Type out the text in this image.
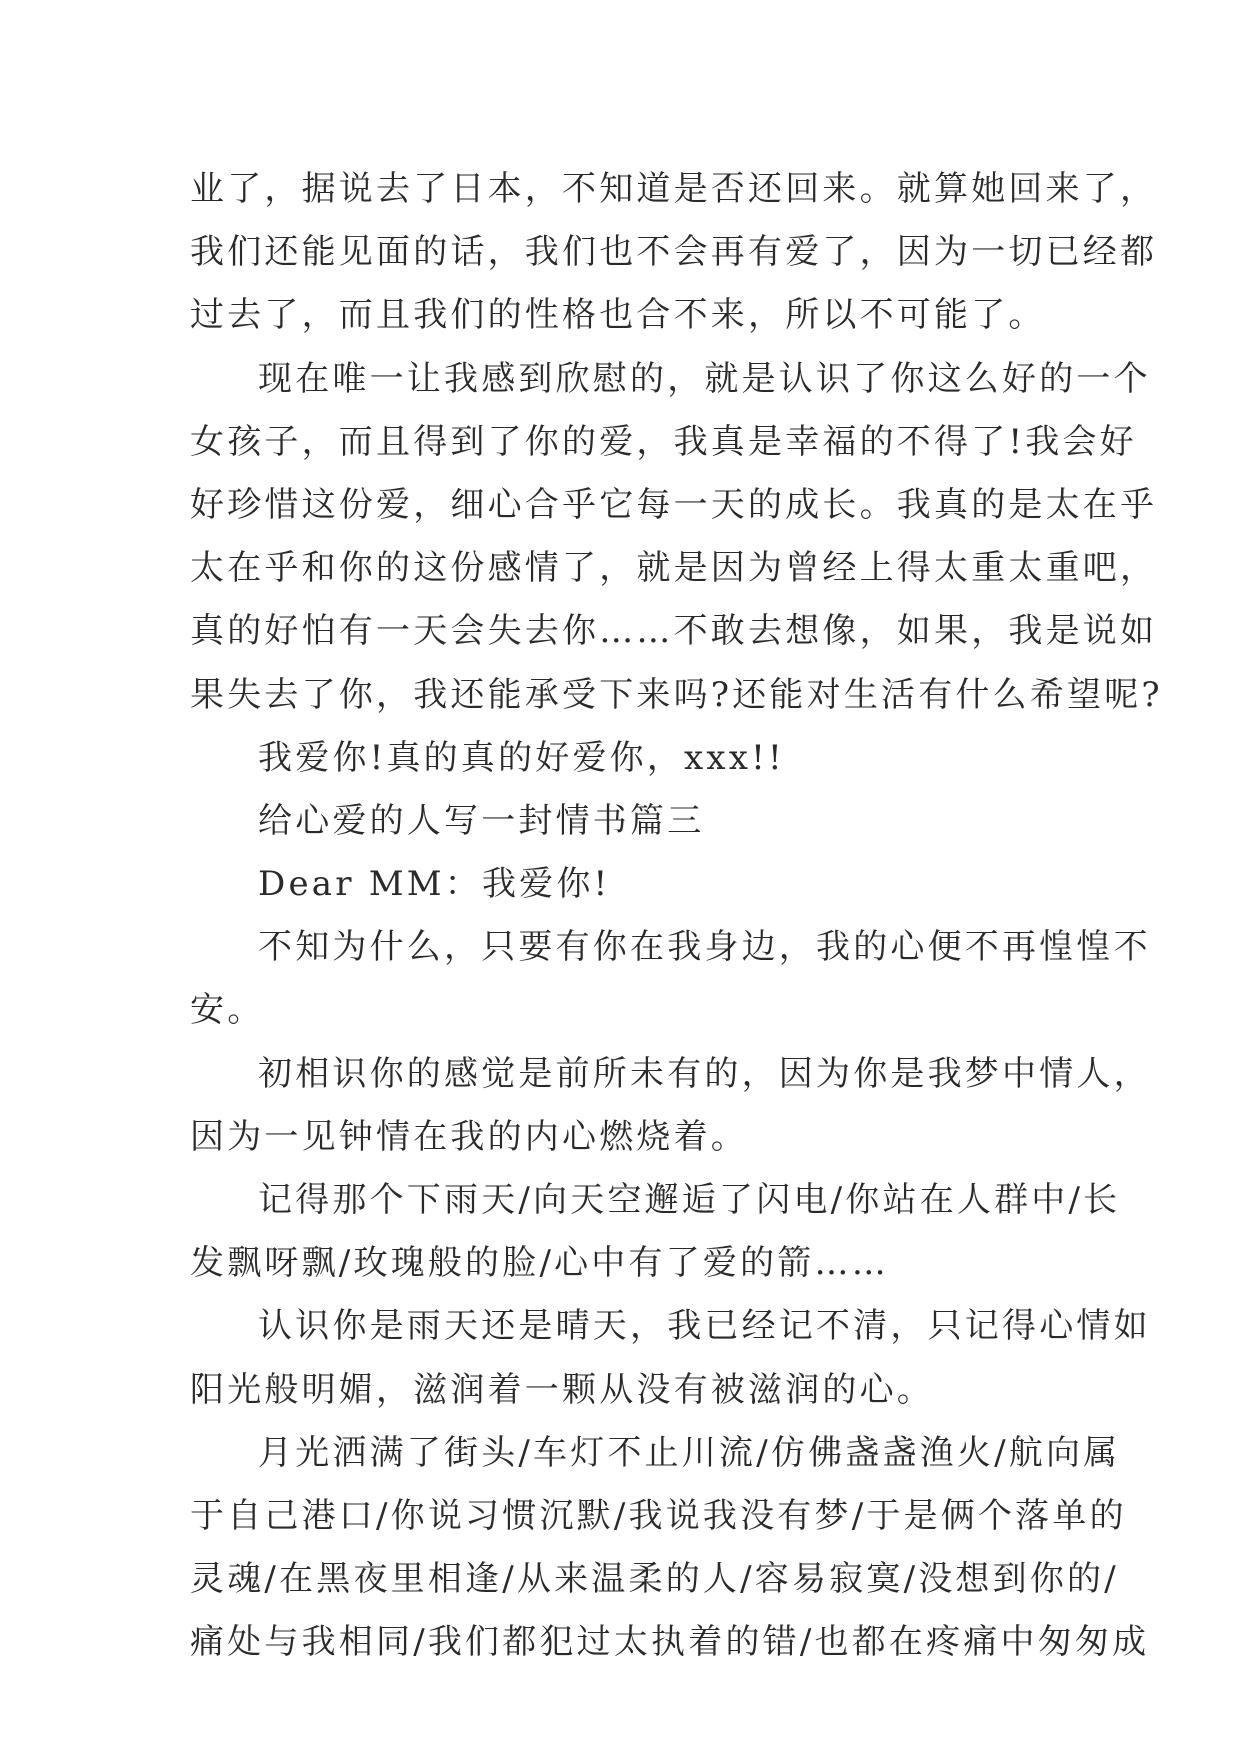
业了，据说去了日本，不知道是否还回来。就算她回来了，
我们还能见面的话，我们也不会再有爱了，因为一切已经都
过去了，而且我们的性格也合不来，所以不可能了。
现在唯一让我感到欣慰的，就是认识了你这么好的一个
女孩子，而且得到了你的爱，我真是幸福的不得了!我会好
好珍惜这份爱，细心合乎它每一天的成长。我真的是太在乎
太在乎和你的这份感情了，就是因为曾经上得太重太重吧，
真的好怕有一天会失去你……不敢去想像，如果，我是说如
果失去了你，我还能承受下来吗?还能对生活有什么希望呢?
我爱你!真的真的好爱你，xxx!!
给心爱的人写一封情书篇三
Dear MM：我爱你!
不知为什么，只要有你在我身边，我的心便不再惶惶不
安。
初相识你的感觉是前所未有的，因为你是我梦中情人，
因为一见钟情在我的内心燃烧着。
记得那个下雨天/向天空邂逅了闪电/你站在人群中/长
发飘呀飘/玫瑰般的脸/心中有了爱的箭……
认识你是雨天还是晴天，我已经记不清，只记得心情如
阳光般明媚，滋润着一颗从没有被滋润的心。
月光洒满了街头/车灯不止川流/仿佛盏盏渔火/航向属
于自己港口/你说习惯沉默/我说我没有梦/于是俩个落单的
灵魂/在黑夜里相逢/从来温柔的人/容易寂寞/没想到你的/
痛处与我相同/我们都犯过太执着的错/也都在疼痛中匆匆成
